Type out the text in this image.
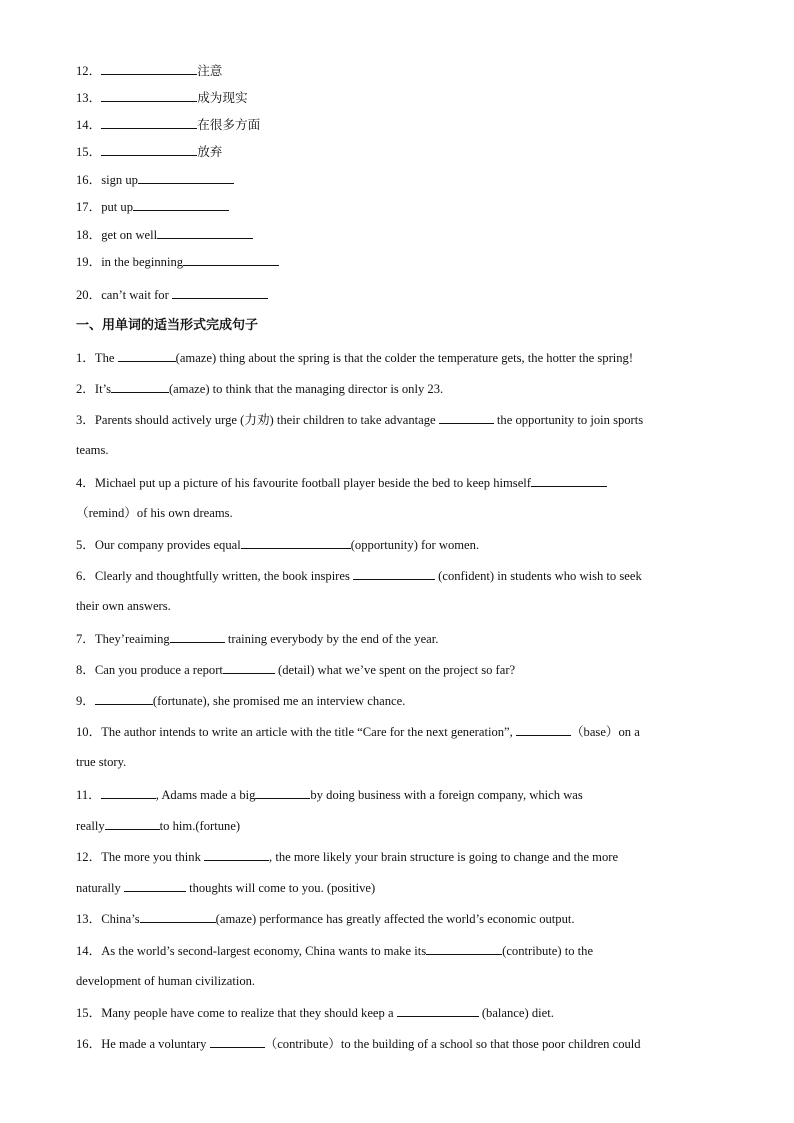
12．	注意
13．	成为现实
14．	在很多方面
15．	放弃
16．sign up
17．put up
18．get on well
19．in the beginning
20．can’t wait for
一、用单词的适当形式完成句子
1．The	(amaze) thing about the spring is that the colder the temperature gets, the hotter the spring!
2．It’s	(amaze) to think that the managing director is only 23.
3．Parents should actively urge (力劝) their children to take advantage	the opportunity to join sports
teams.
4．Michael put up a picture of his favourite football player beside the bed to keep himself
（remind）of his own dreams.
5．Our company provides equal	(opportunity) for women.
6．Clearly and thoughtfully written, the book inspires	(confident) in students who wish to seek
their own answers.
7．They’reaiming	training everybody by the end of the year.
8．Can you produce a report	(detail) what we’ve spent on the project so far?
9．	(fortunate), she promised me an interview chance.
10．The author intends to write an article with the title “Care for the next generation”,	（base）on a
true story.
11．	, Adams made a big	by doing business with a foreign company, which was
really	to him.(fortune)
12．The more you think	, the more likely your brain structure is going to change and the more
naturally	thoughts will come to you. (positive)
13．China’s	(amaze) performance has greatly affected the world’s economic output.
14．As the world’s second-largest economy, China wants to make its	(contribute) to the
development of human civilization.
15．Many people have come to realize that they should keep a	(balance) diet.
16．He made a voluntary	（contribute）to the building of a school so that those poor children could
